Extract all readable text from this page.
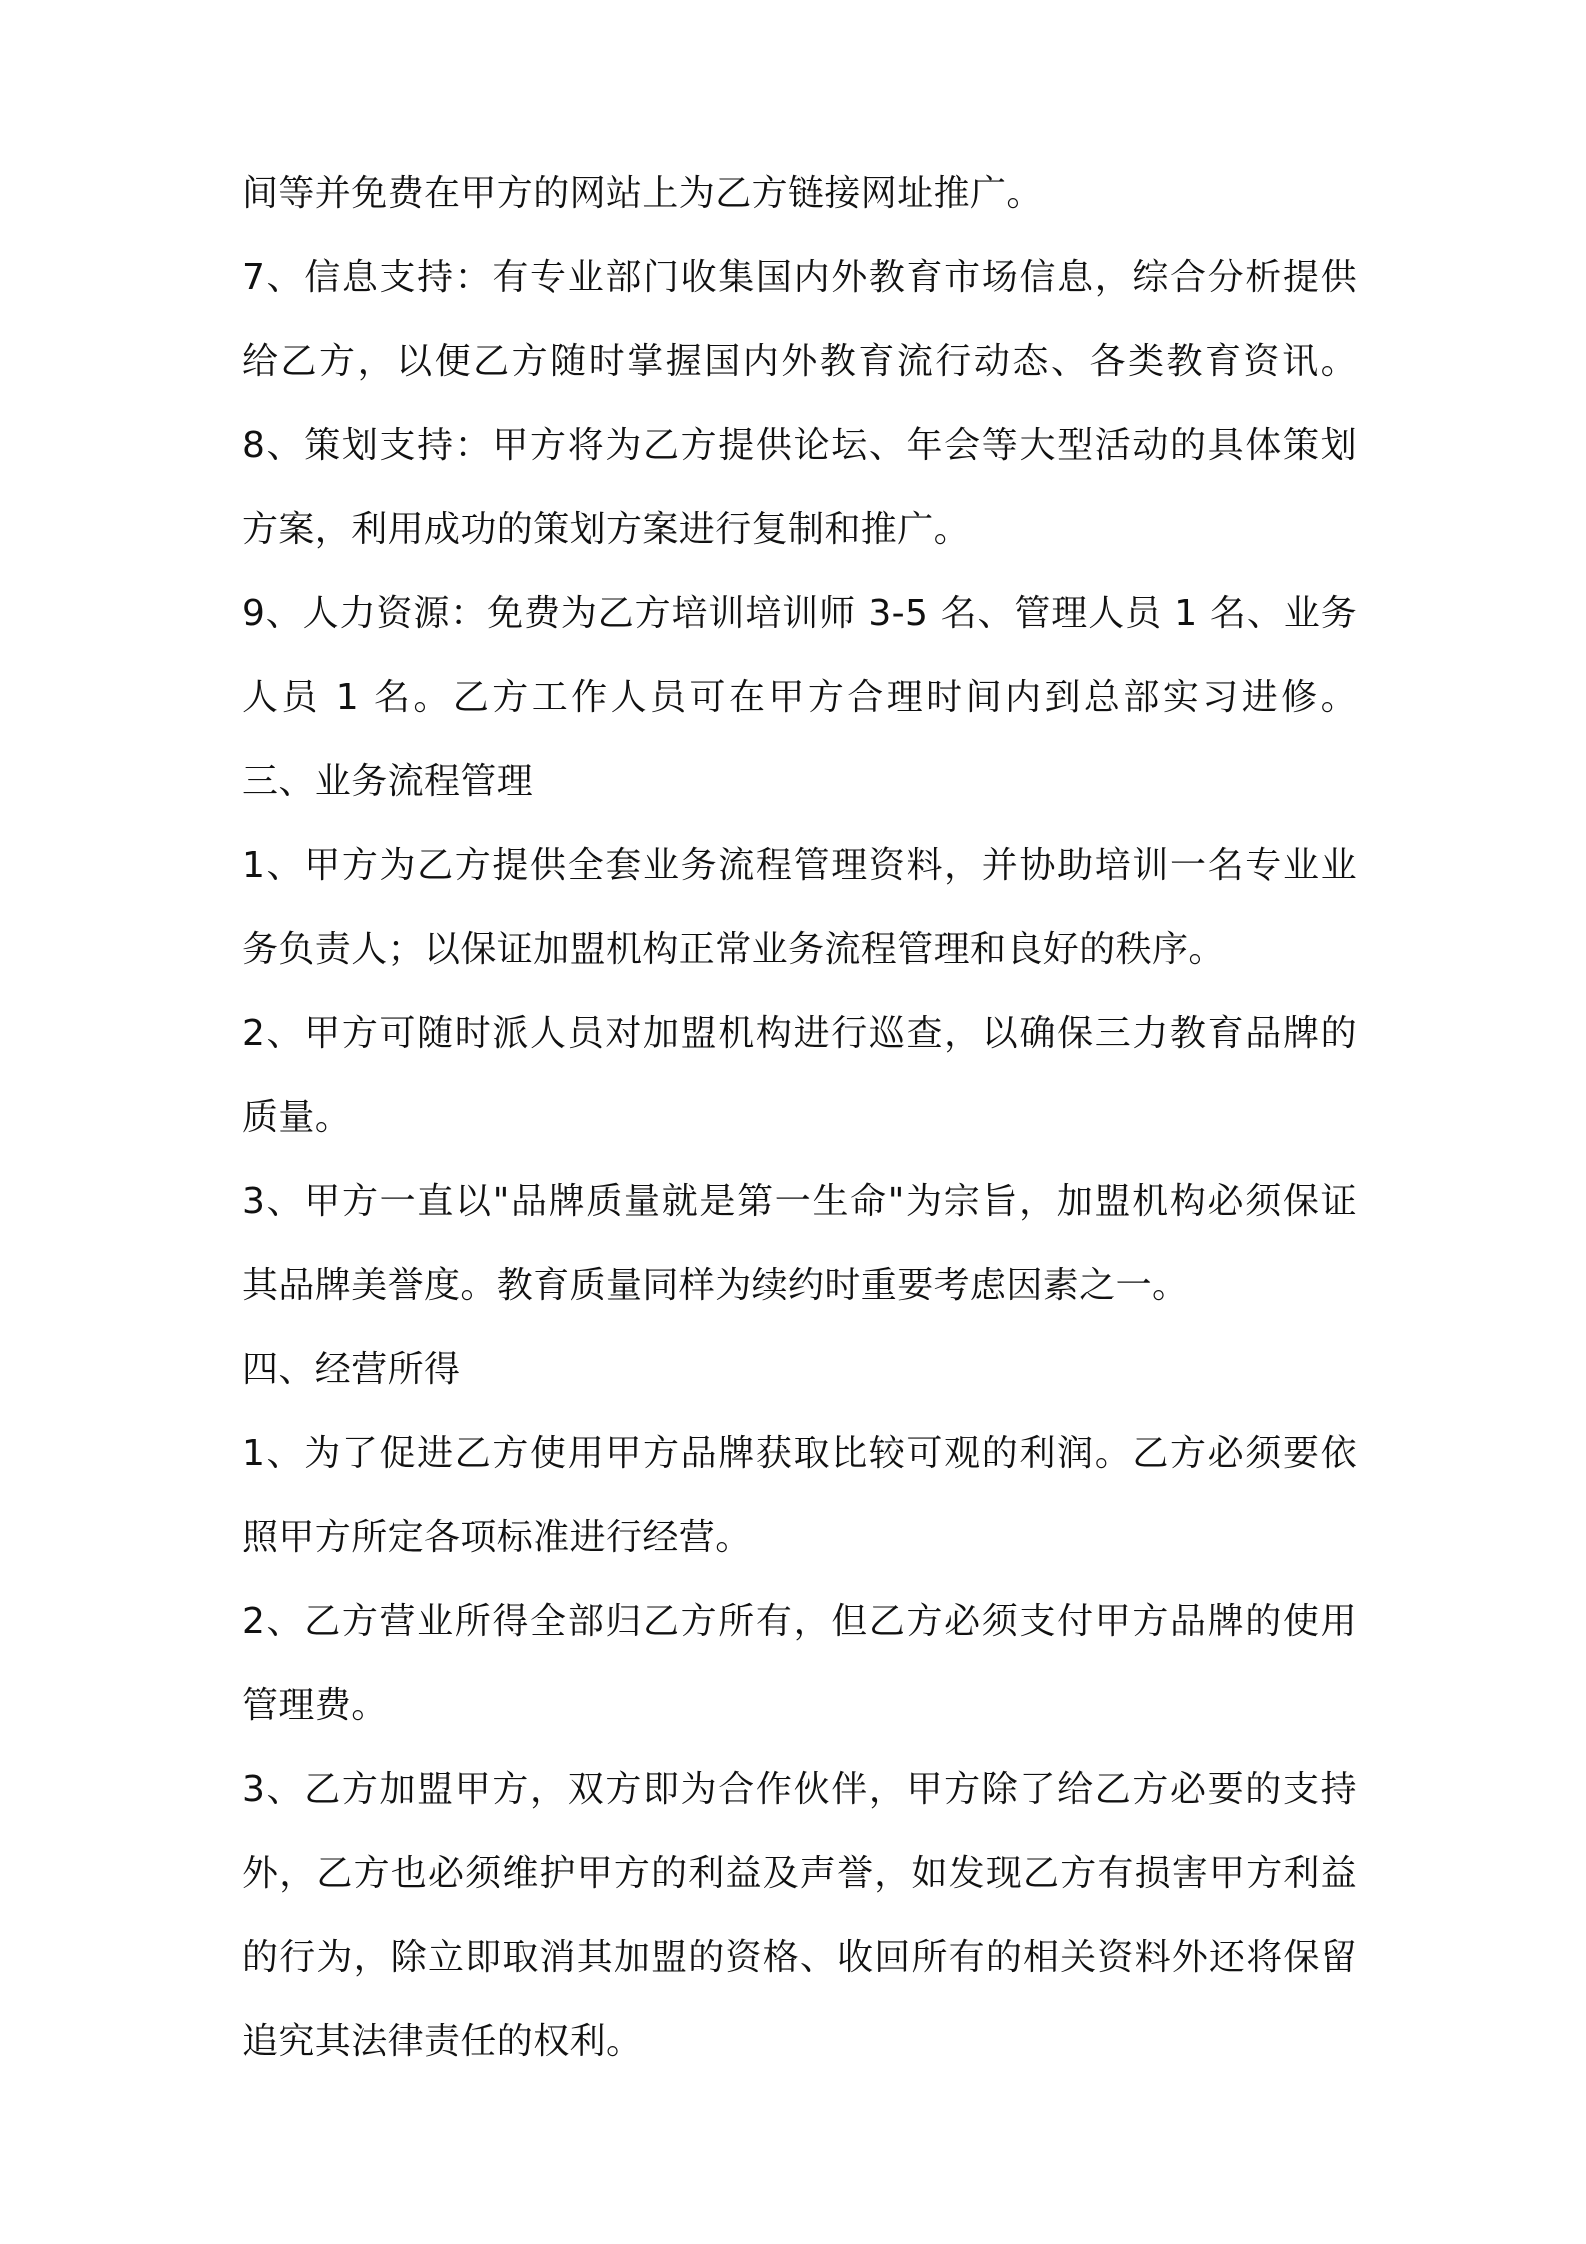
间等并免费在甲方的网站上为乙方链接网址推广。
7、信息支持：有专业部门收集国内外教育市场信息，综合分析提供
给乙方，以便乙方随时掌握国内外教育流行动态、各类教育资讯。
8、策划支持：甲方将为乙方提供论坛、年会等大型活动的具体策划
方案，利用成功的策划方案进行复制和推广。
9、人力资源：免费为乙方培训培训师 3-5 名、管理人员 1 名、业务
人员 1 名。乙方工作人员可在甲方合理时间内到总部实习进修。
三、业务流程管理
1、甲方为乙方提供全套业务流程管理资料，并协助培训一名专业业
务负责人；以保证加盟机构正常业务流程管理和良好的秩序。
2、甲方可随时派人员对加盟机构进行巡查，以确保三力教育品牌的
质量。
3、甲方一直以"品牌质量就是第一生命"为宗旨，加盟机构必须保证
其品牌美誉度。教育质量同样为续约时重要考虑因素之一。
四、经营所得
1、为了促进乙方使用甲方品牌获取比较可观的利润。乙方必须要依
照甲方所定各项标准进行经营。
2、乙方营业所得全部归乙方所有，但乙方必须支付甲方品牌的使用
管理费。
3、乙方加盟甲方，双方即为合作伙伴，甲方除了给乙方必要的支持
外，乙方也必须维护甲方的利益及声誉，如发现乙方有损害甲方利益
的行为，除立即取消其加盟的资格、收回所有的相关资料外还将保留
追究其法律责任的权利。
